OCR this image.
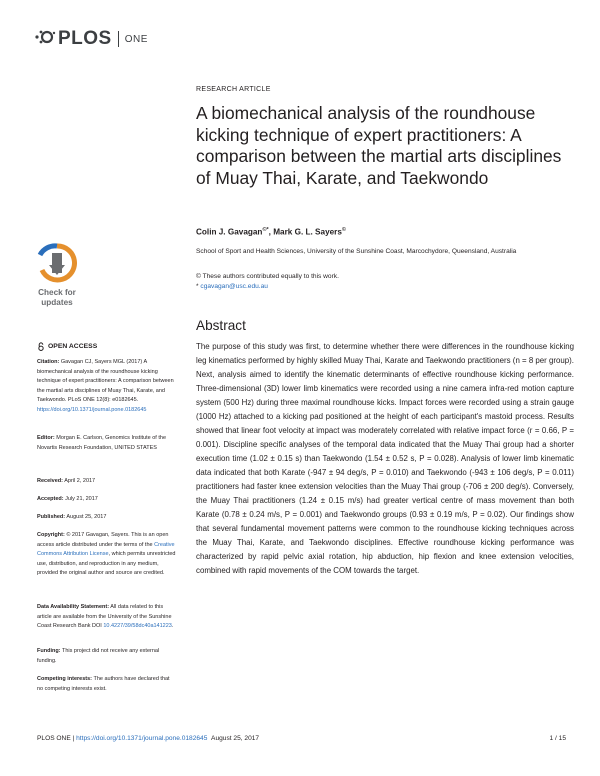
PLOS ONE
RESEARCH ARTICLE
A biomechanical analysis of the roundhouse kicking technique of expert practitioners: A comparison between the martial arts disciplines of Muay Thai, Karate, and Taekwondo
Colin J. Gavagan©*, Mark G. L. Sayers©
School of Sport and Health Sciences, University of the Sunshine Coast, Marcochydore, Queensland, Australia
© These authors contributed equally to this work.
* cgavagan@usc.edu.au
Abstract
The purpose of this study was first, to determine whether there were differences in the roundhouse kicking leg kinematics performed by highly skilled Muay Thai, Karate and Taekwondo practitioners (n = 8 per group). Next, analysis aimed to identify the kinematic determinants of effective roundhouse kicking performance. Three-dimensional (3D) lower limb kinematics were recorded using a nine camera infra-red motion capture system (500 Hz) during three maximal roundhouse kicks. Impact forces were recorded using a strain gauge (1000 Hz) attached to a kicking pad positioned at the height of each participant's mastoid process. Results showed that linear foot velocity at impact was moderately correlated with relative impact force (r = 0.66, P = 0.001). Discipline specific analyses of the temporal data indicated that the Muay Thai group had a shorter execution time (1.02 ± 0.15 s) than Taekwondo (1.54 ± 0.52 s, P = 0.028). Analysis of lower limb kinematic data indicated that both Karate (-947 ± 94 deg/s, P = 0.010) and Taekwondo (-943 ± 106 deg/s, P = 0.011) practitioners had faster knee extension velocities than the Muay Thai group (-706 ± 200 deg/s). Conversely, the Muay Thai practitioners (1.24 ± 0.15 m/s) had greater vertical centre of mass movement than both Karate (0.78 ± 0.24 m/s, P = 0.001) and Taekwondo groups (0.93 ± 0.19 m/s, P = 0.02). Our findings show that several fundamental movement patterns were common to the roundhouse kicking techniques across the Muay Thai, Karate, and Taekwondo disciplines. Effective roundhouse kicking performance was characterized by rapid pelvic axial rotation, hip abduction, hip flexion and knee extension velocities, combined with rapid movements of the COM towards the target.
Check for
updates
OPEN ACCESS
Citation: Gavagan CJ, Sayers MGL (2017) A biomechanical analysis of the roundhouse kicking technique of expert practitioners: A comparison between the martial arts disciplines of Muay Thai, Karate, and Taekwondo. PLoS ONE 12(8): e0182645. https://doi.org/10.1371/journal.pone.0182645
Editor: Morgan E. Carlson, Genomics Institute of the Novartis Research Foundation, UNITED STATES
Received: April 2, 2017
Accepted: July 21, 2017
Published: August 25, 2017
Copyright: © 2017 Gavagan, Sayers. This is an open access article distributed under the terms of the Creative Commons Attribution License, which permits unrestricted use, distribution, and reproduction in any medium, provided the original author and source are credited.
Data Availability Statement: All data related to this article are available from the University of the Sunshine Coast Research Bank DOI 10.4227/39/58dc40a141223.
Funding: This project did not receive any external funding.
Competing interests: The authors have declared that no competing interests exist.
PLOS ONE | https://doi.org/10.1371/journal.pone.0182645 August 25, 2017	1 / 15
